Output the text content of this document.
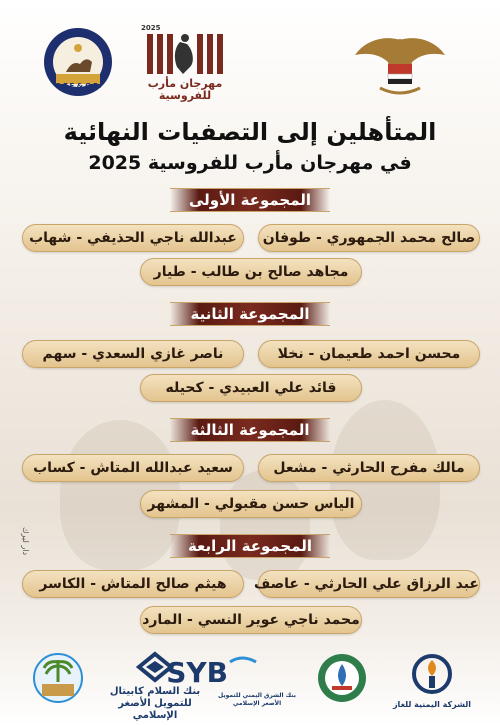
2025
مهرجان مأرب للفروسية
G.F.E & C.R.
المتأهلين إلى التصفيات النهائية
في مهرجان مأرب للفروسية 2025
المجموعة الأولى
صالح محمد الجمهوري - طوفان
عبدالله ناجي الحذيفي - شهاب
مجاهد صالح بن طالب - طيار
المجموعة الثانية
محسن احمد طعيمان - نخلا
ناصر غازي السعدي - سهم
قائد علي العبيدي - كحيله
المجموعة الثالثة
مالك مفرح الحارثي - مشعل
سعيد عبدالله المتاش - كساب
الياس حسن مقبولي - المشهر
المجموعة الرابعة
عبد الرزاق علي الحارثي - عاصف
هيثم صالح المتاش - الكاسر
محمد ناجي عوير النسي - المارد
دار ليرك
الشركة اليمنية للغاز
SYB
بنك الشرق اليمني للتمويل الأصغر الإسلامي
بنك السلام كابيتال للتمويل الأصغر الإسلامي
